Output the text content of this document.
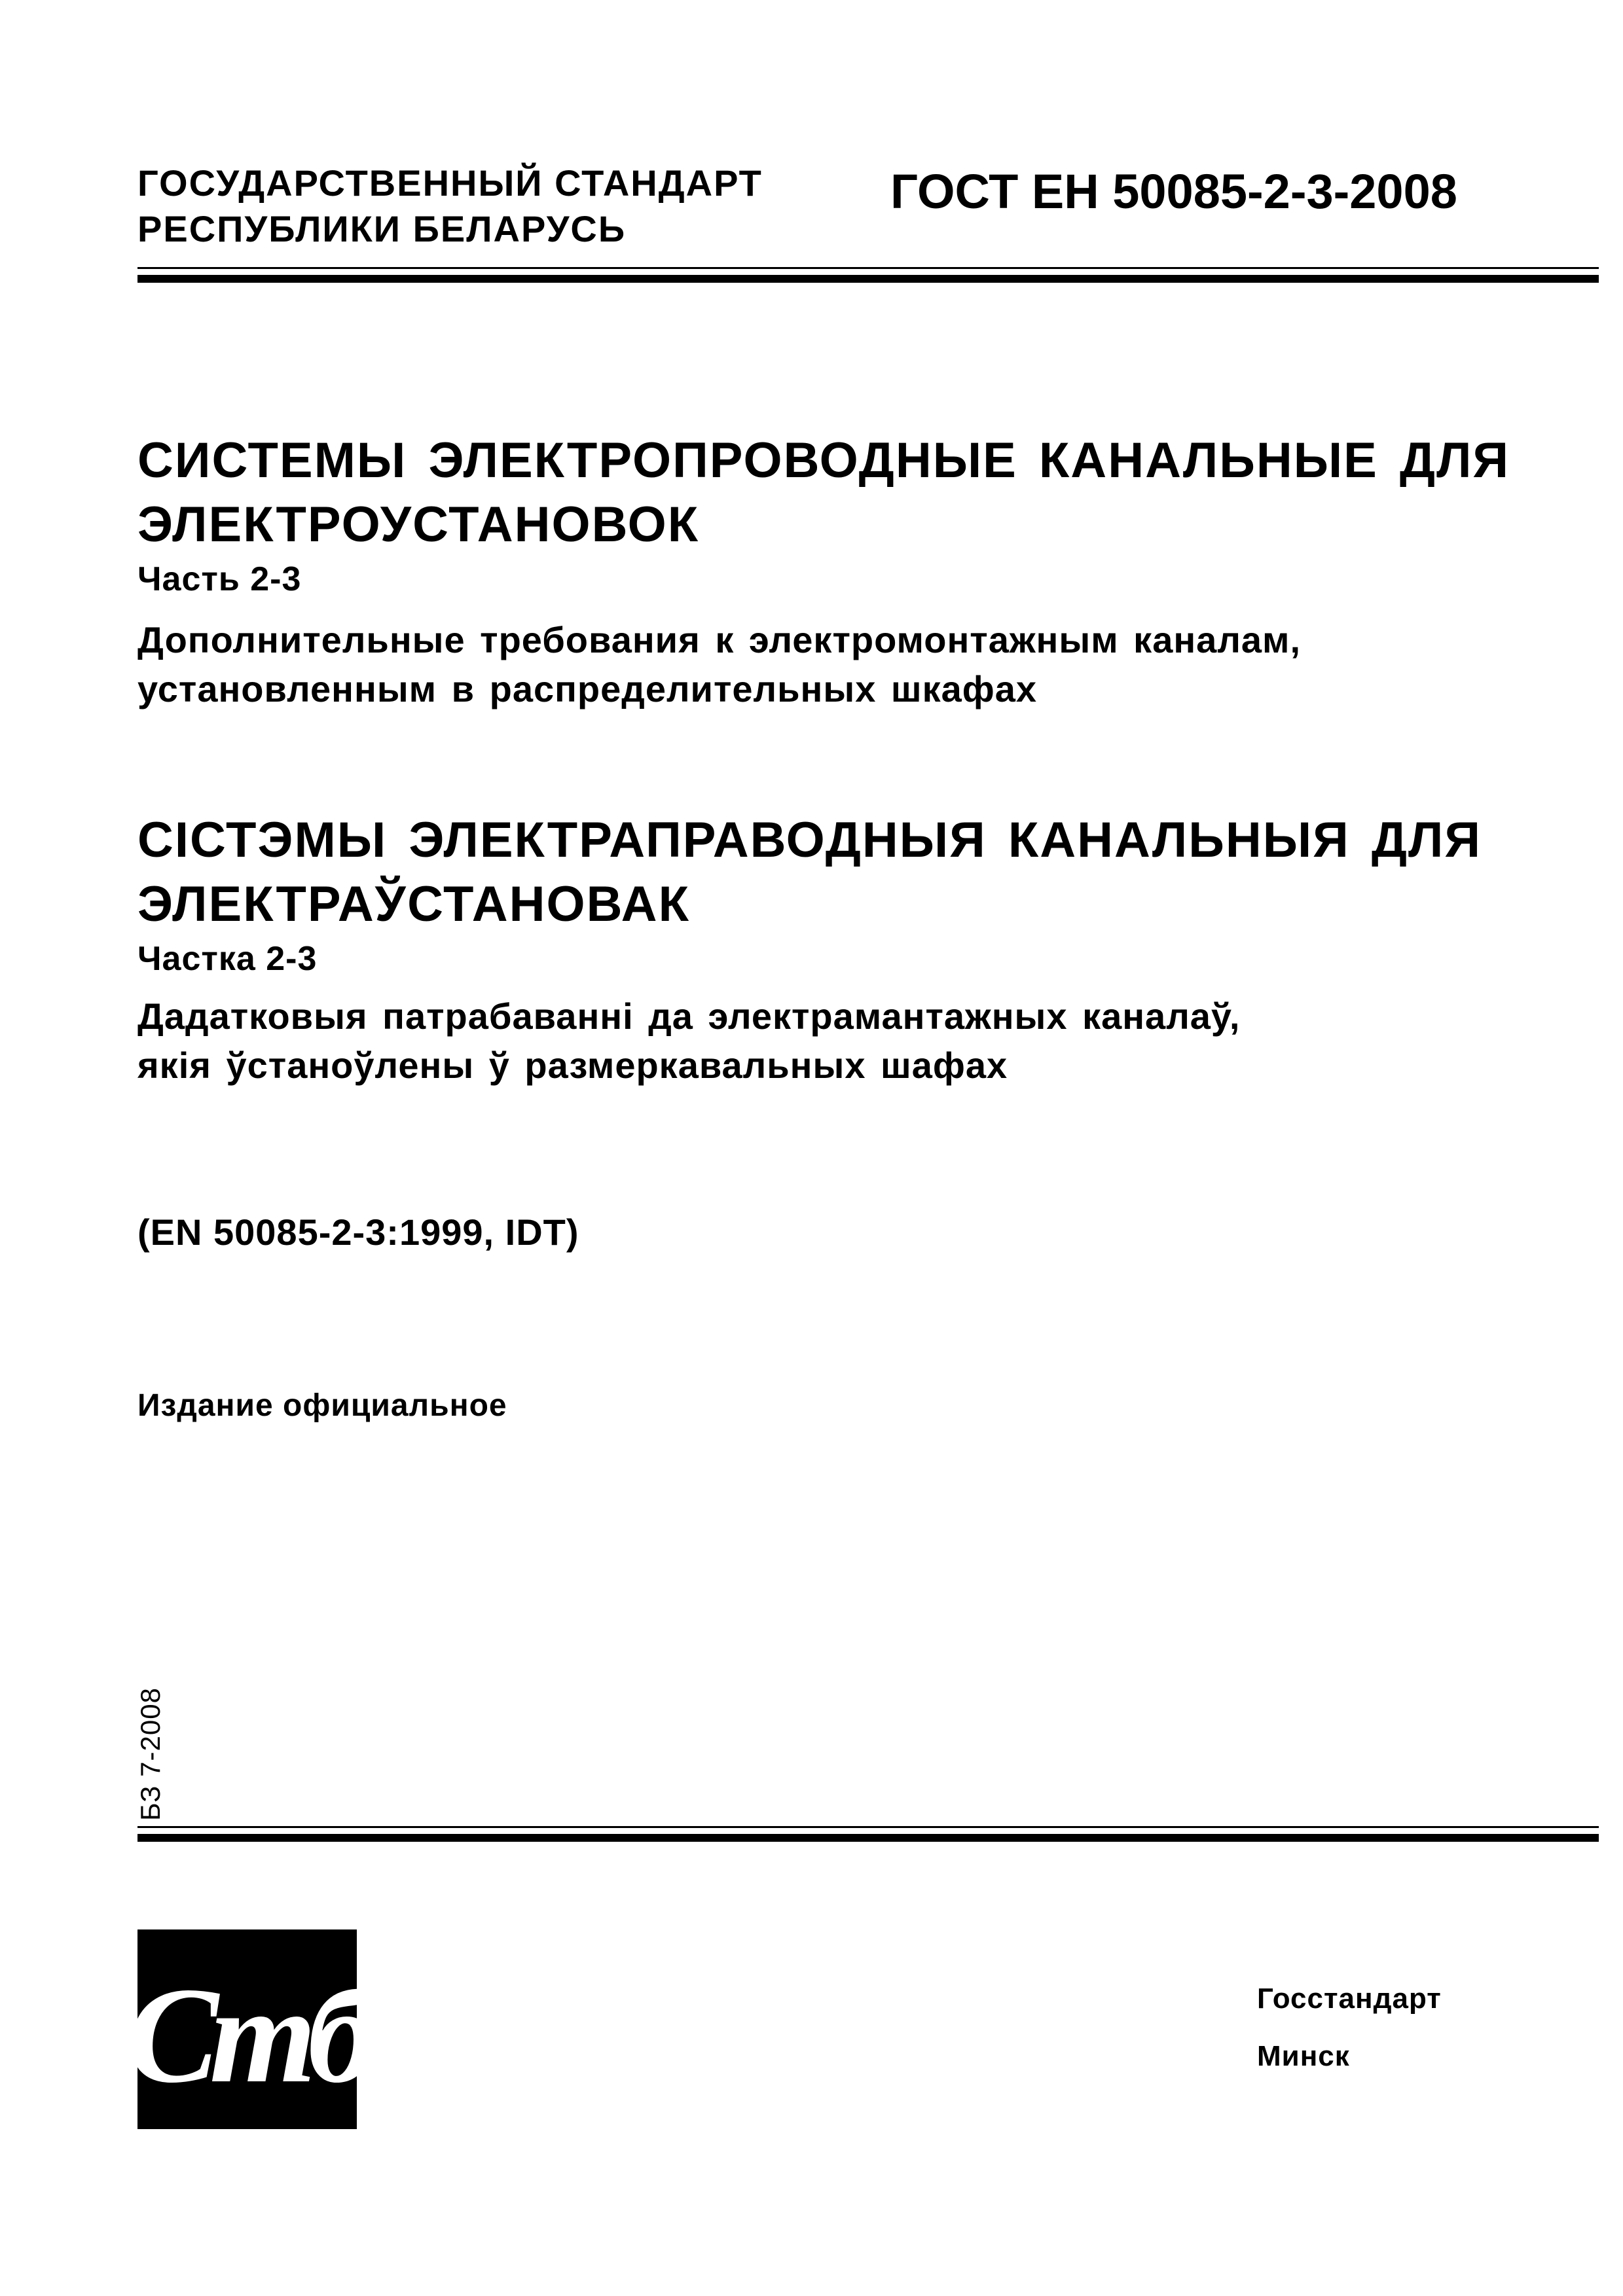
ГОСУДАРСТВЕННЫЙ СТАНДАРТ
РЕСПУБЛИКИ БЕЛАРУСЬ
ГОСТ ЕН 50085-2-3-2008
СИСТЕМЫ ЭЛЕКТРОПРОВОДНЫЕ КАНАЛЬНЫЕ ДЛЯ
ЭЛЕКТРОУСТАНОВОК
Часть 2-3
Дополнительные требования к электромонтажным каналам,
установленным в распределительных шкафах
СІСТЭМЫ ЭЛЕКТРАПРАВОДНЫЯ КАНАЛЬНЫЯ ДЛЯ
ЭЛЕКТРАЎСТАНОВАК
Частка 2-3
Дадатковыя патрабаванні да электрамантажных каналаў,
якія ўстаноўлены ў размеркавальных шафах
(EN 50085-2-3:1999, IDT)
Издание официальное
БЗ 7-2008
Сmб	Госстандарт
Минск
